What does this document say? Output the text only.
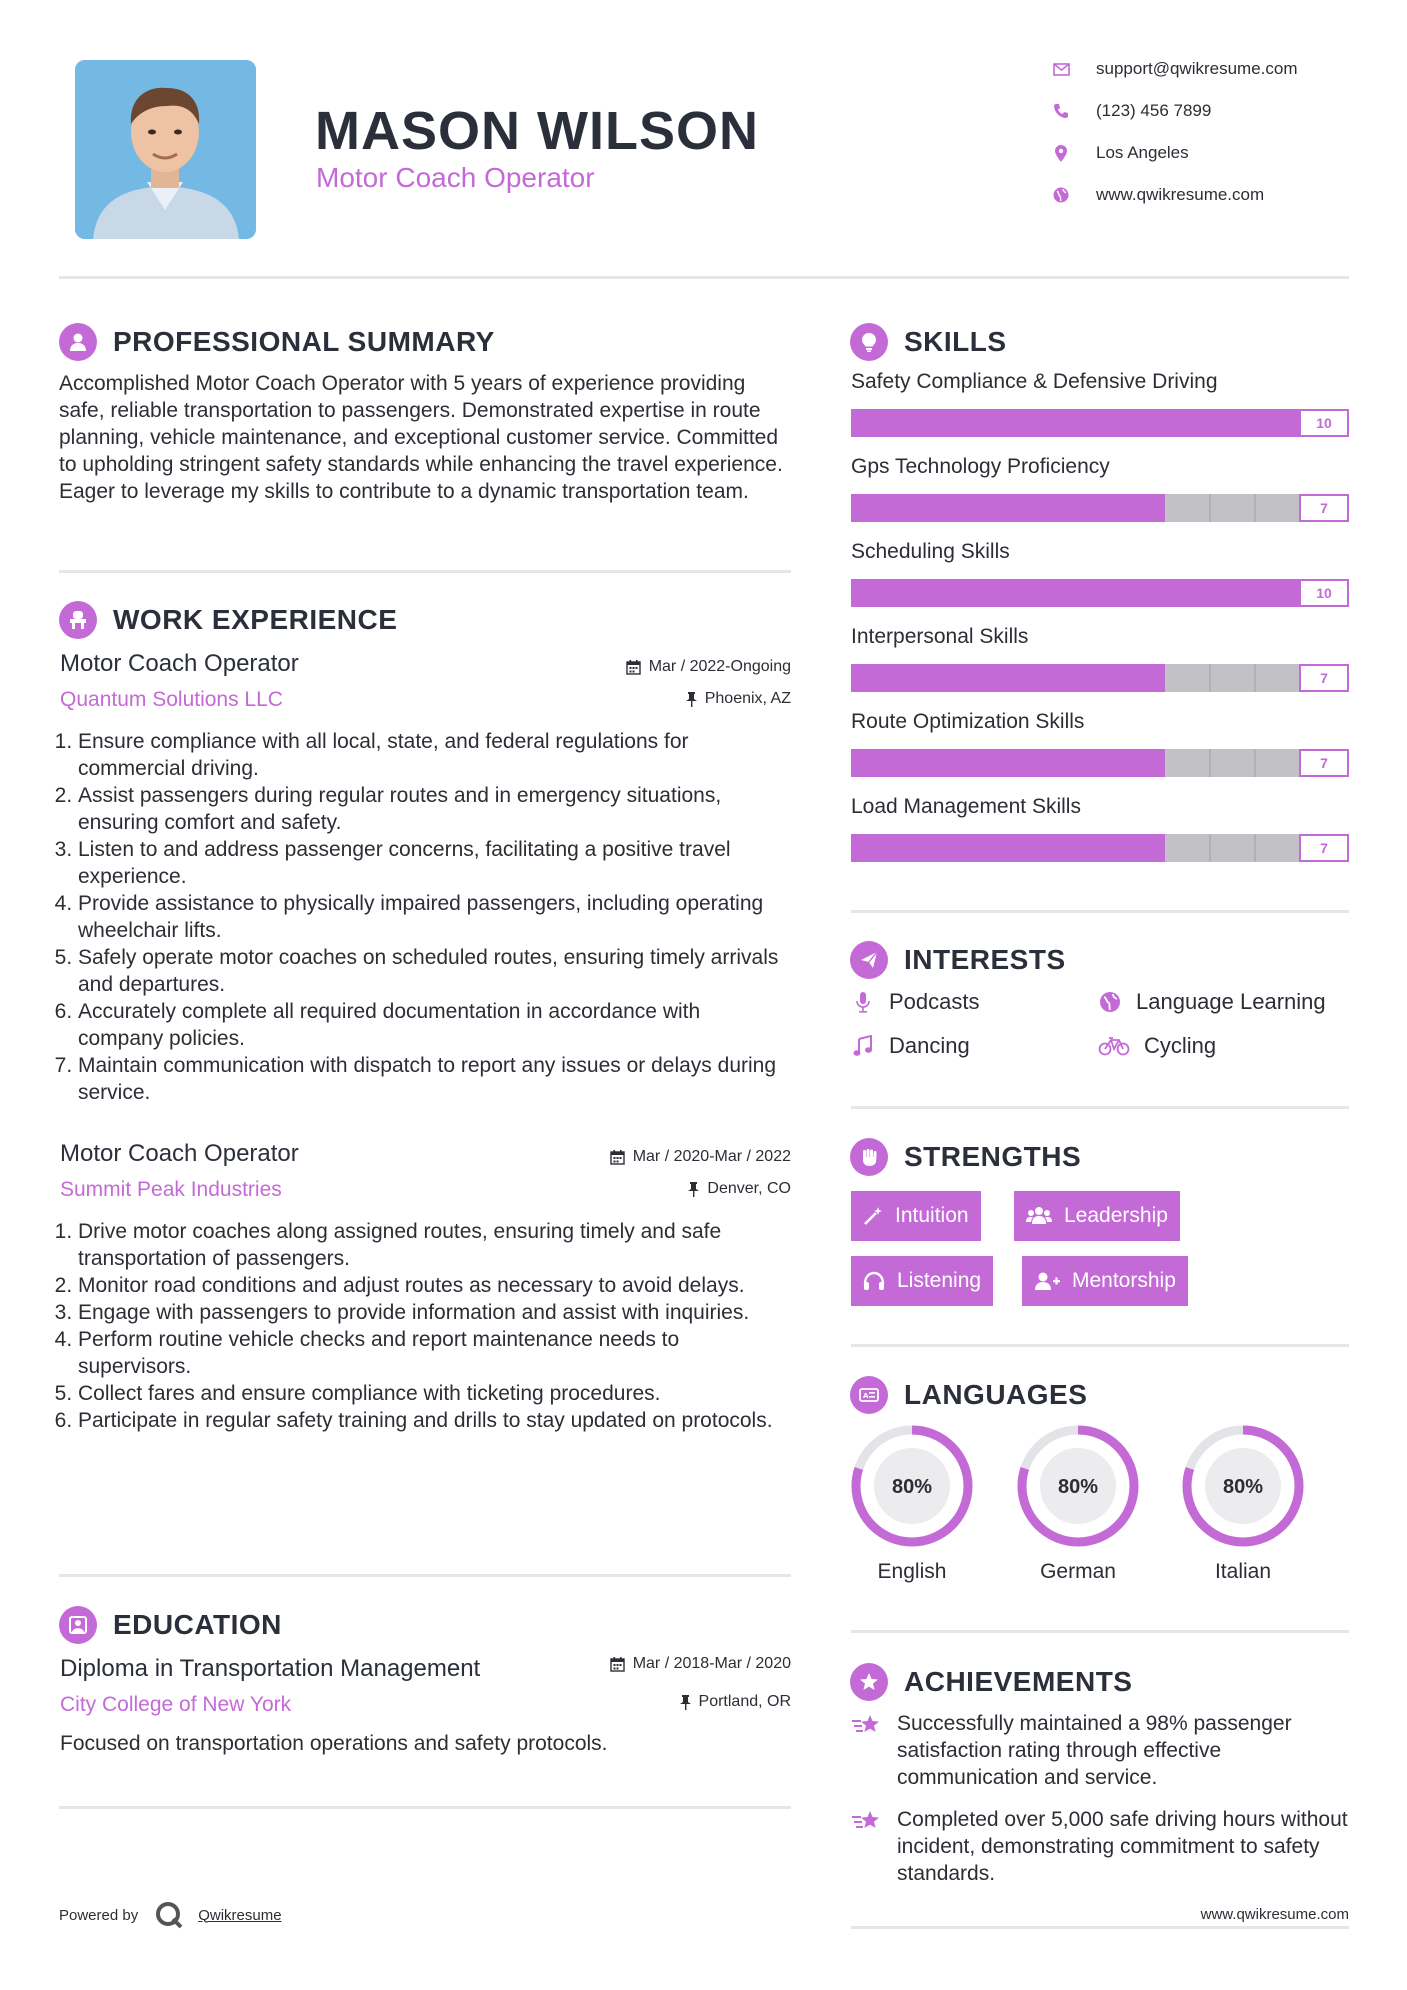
MASON WILSON
Motor Coach Operator
support@qwikresume.com
(123) 456 7899
Los Angeles
www.qwikresume.com
PROFESSIONAL SUMMARY
Accomplished Motor Coach Operator with 5 years of experience providing safe, reliable transportation to passengers. Demonstrated expertise in route planning, vehicle maintenance, and exceptional customer service. Committed to upholding stringent safety standards while enhancing the travel experience. Eager to leverage my skills to contribute to a dynamic transportation team.
WORK EXPERIENCE
Motor Coach Operator
Quantum Solutions LLC
Mar / 2022-Ongoing
Phoenix, AZ
1. Ensure compliance with all local, state, and federal regulations for commercial driving.
2. Assist passengers during regular routes and in emergency situations, ensuring comfort and safety.
3. Listen to and address passenger concerns, facilitating a positive travel experience.
4. Provide assistance to physically impaired passengers, including operating wheelchair lifts.
5. Safely operate motor coaches on scheduled routes, ensuring timely arrivals and departures.
6. Accurately complete all required documentation in accordance with company policies.
7. Maintain communication with dispatch to report any issues or delays during service.
Motor Coach Operator
Summit Peak Industries
Mar / 2020-Mar / 2022
Denver, CO
1. Drive motor coaches along assigned routes, ensuring timely and safe transportation of passengers.
2. Monitor road conditions and adjust routes as necessary to avoid delays.
3. Engage with passengers to provide information and assist with inquiries.
4. Perform routine vehicle checks and report maintenance needs to supervisors.
5. Collect fares and ensure compliance with ticketing procedures.
6. Participate in regular safety training and drills to stay updated on protocols.
EDUCATION
Diploma in Transportation Management
City College of New York
Mar / 2018-Mar / 2020
Portland, OR
Focused on transportation operations and safety protocols.
SKILLS
Safety Compliance & Defensive Driving
10
Gps Technology Proficiency
7
Scheduling Skills
10
Interpersonal Skills
7
Route Optimization Skills
7
Load Management Skills
7
INTERESTS
Podcasts	Language Learning
Dancing	Cycling
STRENGTHS
Intuition	Leadership
Listening	Mentorship
A LANGUAGES
80%
English
80%
German
80%
Italian
ACHIEVEMENTS
Successfully maintained a 98% passenger satisfaction rating through effective communication and service.
Completed over 5,000 safe driving hours without incident, demonstrating commitment to safety standards.
Powered by	Qwikresume	www.qwikresume.com
